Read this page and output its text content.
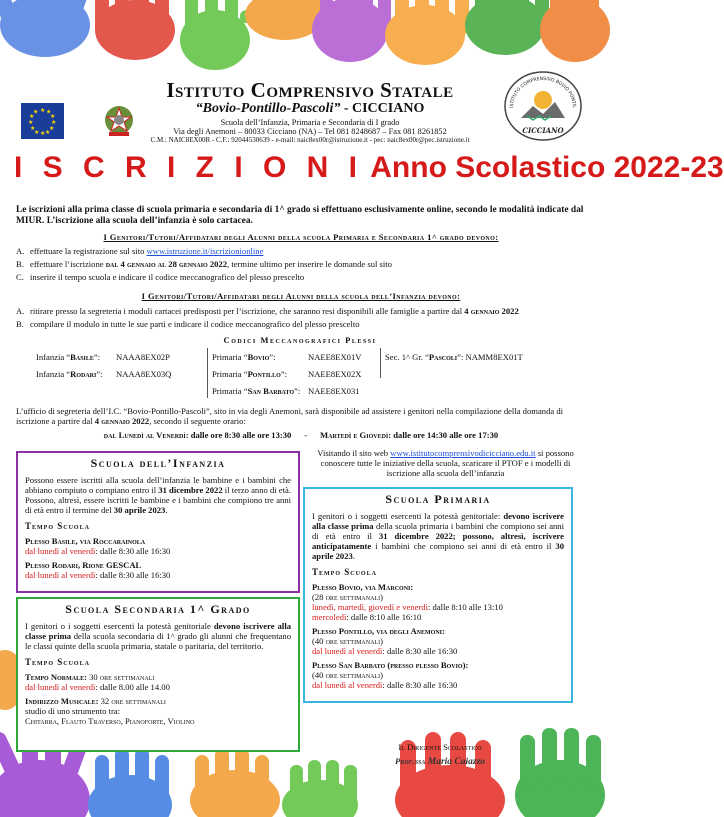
★ ★
★
★
★
★
★
★
★
★
★
★
Istituto Comprensivo Statale
“Bovio-Pontillo-Pascoli” - CICCIANO
Scuola dell’Infanzia, Primaria e Secondaria di I grado
Via degli Anemoni – 80033 Cicciano (NA) – Tel 081 8248687 – Fax 081 8261852
C.M.: NAIC8EX00R - C.F.: 92044530639 - e-mail: naic8ex00r@istruzione.it - pec: naic8ex00r@pec.istruzione.it
ISTITUTO COMPRENSIVO BOVIO PONTIL
CICCIANO
I S C R I Z I O N I Anno Scolastico 2022-23
Le iscrizioni alla prima classe di scuola primaria e secondaria di 1^ grado si effettuano esclusivamente online, secondo le modalità indicate dal MIUR. L’iscrizione alla scuola dell’infanzia è solo cartacea.
I Genitori/Tutori/Affidatari degli Alunni della scuola Primaria e Secondaria 1^ grado devono:
A. effettuare la registrazione sul sito www.istruzione.it/iscrizionionline
B. effettuare l’iscrizione dal 4 gennaio al 28 gennaio 2022, termine ultimo per inserire le domande sul sito
C. inserire il tempo scuola e indicare il codice meccanografico del plesso prescelto
I Genitori/Tutori/Affidatari degli Alunni della scuola dell’Infanzia devono:
A. ritirare presso la segreteria i moduli cartacei predisposti per l’iscrizione, che saranno resi disponibili alle famiglie a partire dal 4 gennaio 2022
B. compilare il modulo in tutte le sue parti e indicare il codice meccanografico del plesso prescelto
Codici Meccanografici Plessi
Infanzia “Basile”: NAAA8EX02P
Infanzia “Rodari”: NAAA8EX03Q
Primaria “Bovio”:	NAEE8EX01V
Primaria “Pontillo”: NAEE8EX02X
Primaria “San Barbato”: NAEE8EX031
Sec. 1^ Gr. “Pascoli”: NAMM8EX01T
L’ufficio di segreteria dell’I.C. “Bovio-Pontillo-Pascoli”, sito in via degli Anemoni, sarà disponibile ad assistere i genitori nella compilazione della domanda di iscrizione a partire dal 4 gennaio 2022, secondo il seguente orario:
dal Lunedì al Venerdì: dalle ore 8:30 alle ore 13:30 - Martedì e Giovedì: dalle ore 14:30 alle ore 17:30
Scuola dell’Infanzia
Possono essere iscritti alla scuola dell’infanzia le bambine e i bambini che abbiano compiuto o compiano entro il 31 dicembre 2022 il terzo anno di età. Possono, altresì, essere iscritti le bambine e i bambini che compiono tre anni di età entro il termine del 30 aprile 2023.
Tempo Scuola
Plesso Basile, via Roccarainola
dal lunedì al venerdì: dalle 8:30 alle 16:30
Plesso Rodari, Rione GESCAL
dal lunedì al venerdì: dalle 8:30 alle 16:30
Scuola Secondaria 1^ Grado
I genitori o i soggetti esercenti la potestà genitoriale devono iscrivere alla classe prima della scuola secondaria di 1^ grado gli alunni che frequentano le classi quinte della scuola primaria, statale o paritaria, del territorio.
Tempo Scuola
Tempo Normale: 30 ore settimanali
dal lunedì al venerdì: dalle 8.00 alle 14.00
Indirizzo Musicale: 32 ore settimanali
studio di uno strumento tra:
Chitarra, Flauto Traverso, Pianoforte, Violino
Visitando il sito web www.istitutocomprensivodicicciano.edu.it si possono conoscere tutte le iniziative della scuola, scaricare il PTOF e i modelli di iscrizione alla scuola dell’infanzia
Scuola Primaria
I genitori o i soggetti esercenti la potestà genitoriale: devono iscrivere alla classe prima della scuola primaria i bambini che compiono sei anni di età entro il 31 dicembre 2022; possono, altresì, iscrivere anticipatamente i bambini che compiono sei anni di età entro il 30 aprile 2023.
Tempo Scuola
Plesso Bovio, via Marconi:
(28 ore settimanali)
lunedì, martedì, giovedì e venerdì: dalle 8:10 alle 13:10
mercoledì: dalle 8:10 alle 16:10
Plesso Pontillo, via degli Anemoni:
(40 ore settimanali)
dal lunedì al venerdì: dalle 8:30 alle 16:30
Plesso San Barbato (presso plesso Bovio):
(40 ore settimanali)
dal lunedì al venerdì: dalle 8:30 alle 16:30
Il Dirigente Scolastico
Prof.ssa Maria Caiazzo
